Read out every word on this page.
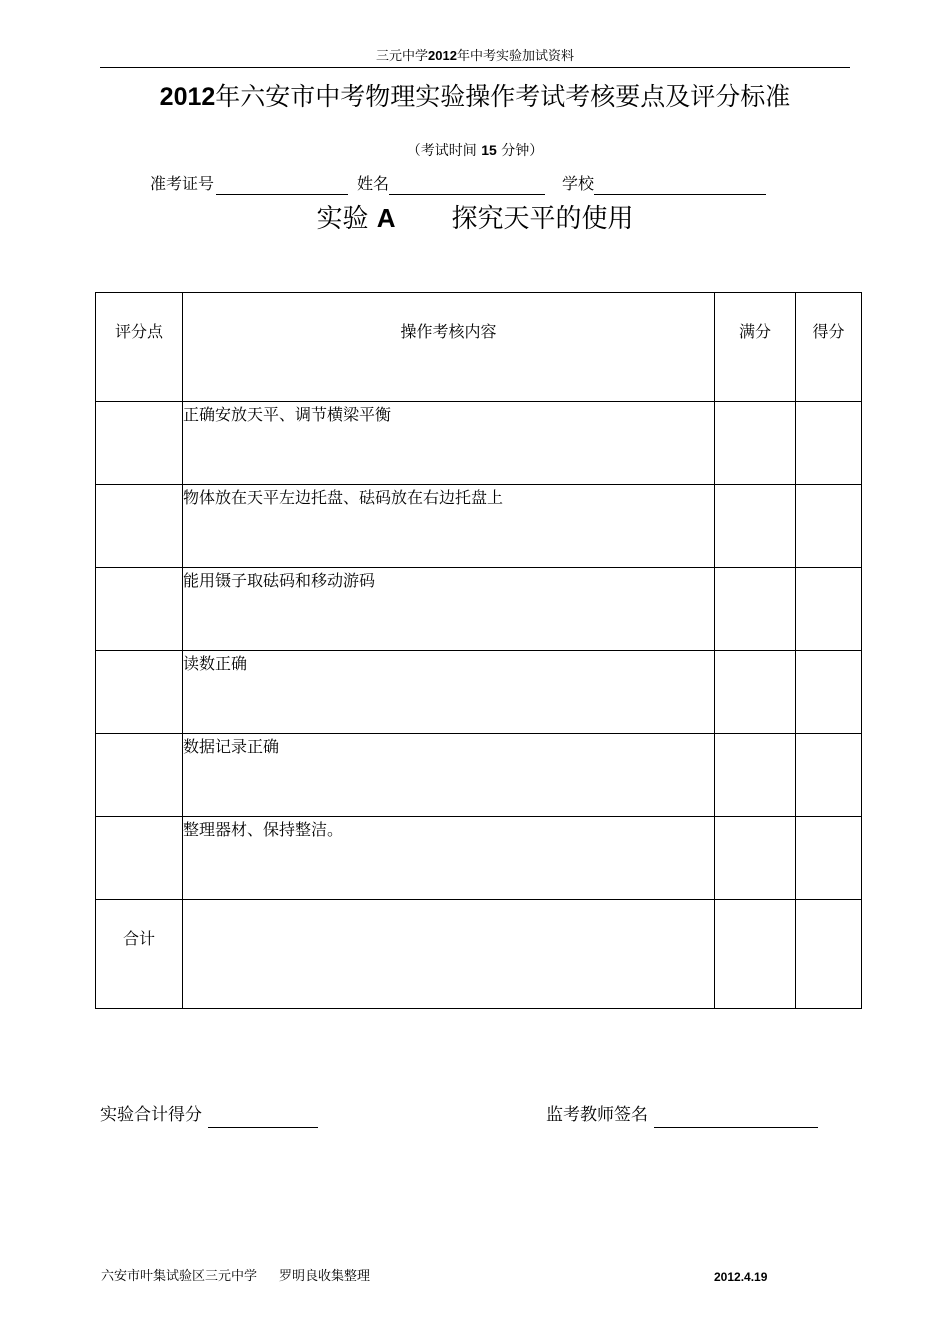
三元中学2012年中考实验加试资料
2012年六安市中考物理实验操作考试考核要点及评分标准
（考试时间 15 分钟）
准考证号	姓名	学校
实验 A 探究天平的使用
评分点	操作考核内容	满分	得分
	正确安放天平、调节横梁平衡		
	物体放在天平左边托盘、砝码放在右边托盘上		
	能用镊子取砝码和移动游码		
	读数正确		
	数据记录正确		
	整理器材、保持整洁。		
合计			
实验合计得分	监考教师签名
六安市叶集试验区三元中学 罗明良收集整理	2012.4.19
